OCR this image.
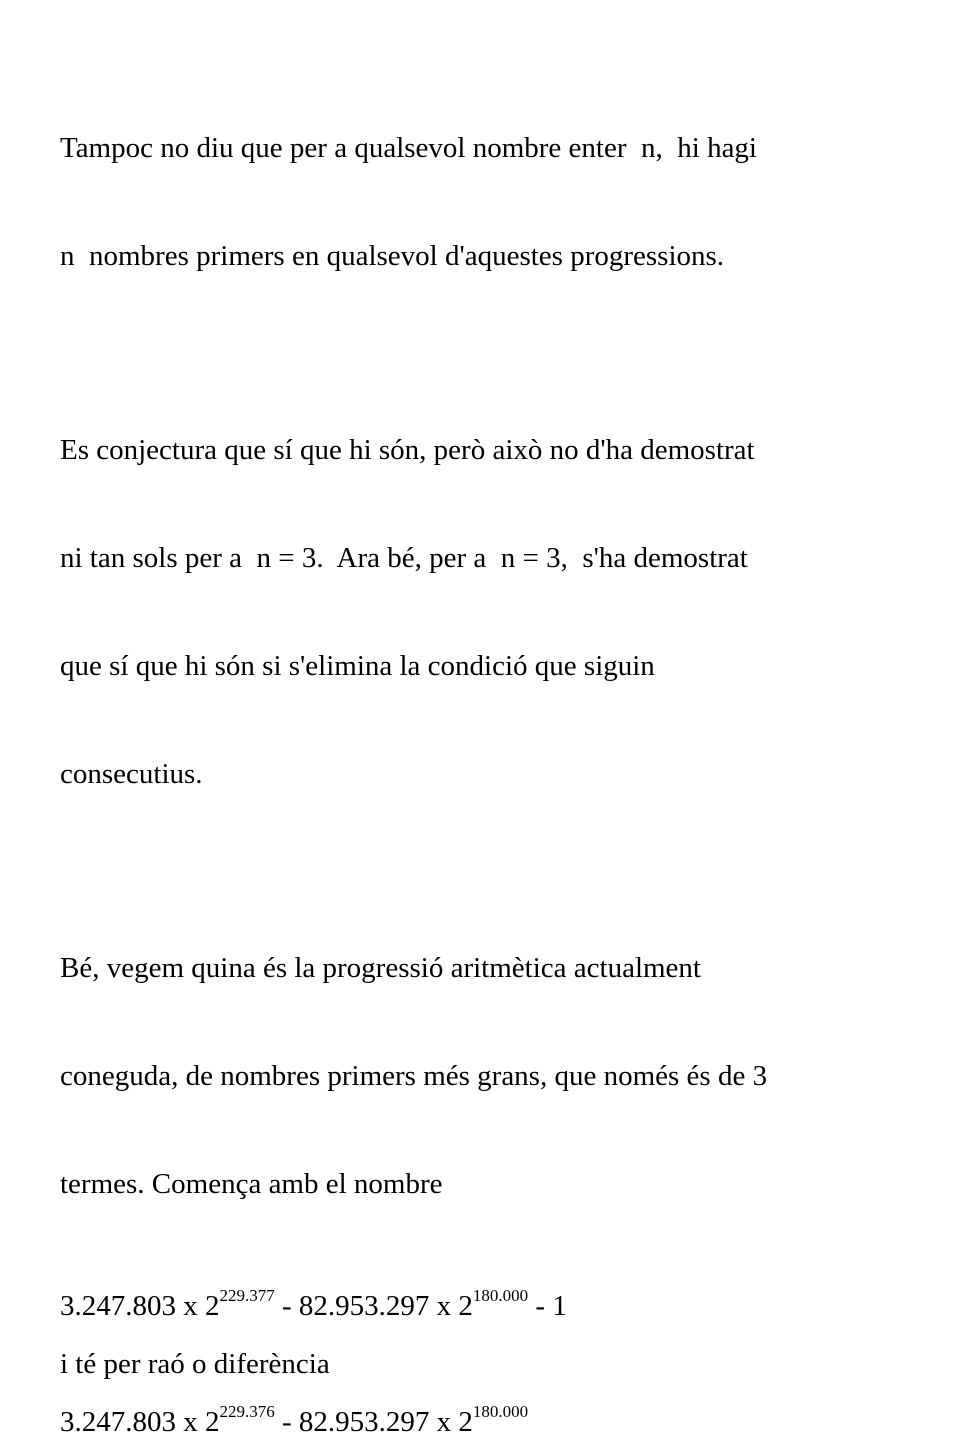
Tampoc no diu que per a qualsevol nombre enter  n,  hi hagi

n  nombres primers en qualsevol d'aquestes progressions.

Es conjectura que sí que hi són, però això no d'ha demostrat

ni tan sols per a  n = 3.  Ara bé, per a  n = 3,  s'ha demostrat

que sí que hi són si s'elimina la condició que siguin

consecutius.

Bé, vegem quina és la progressió aritmètica actualment

coneguda, de nombres primers més grans, que només és de 3

termes. Comença amb el nombre

3.247.803 x $2^{229.377} - 82.953.297$ x $2^{180.000} - 1$
i té per raó o diferència
3.247.803 x $2^{229.376} - 82.953.297$ x $2^{180.000}$
